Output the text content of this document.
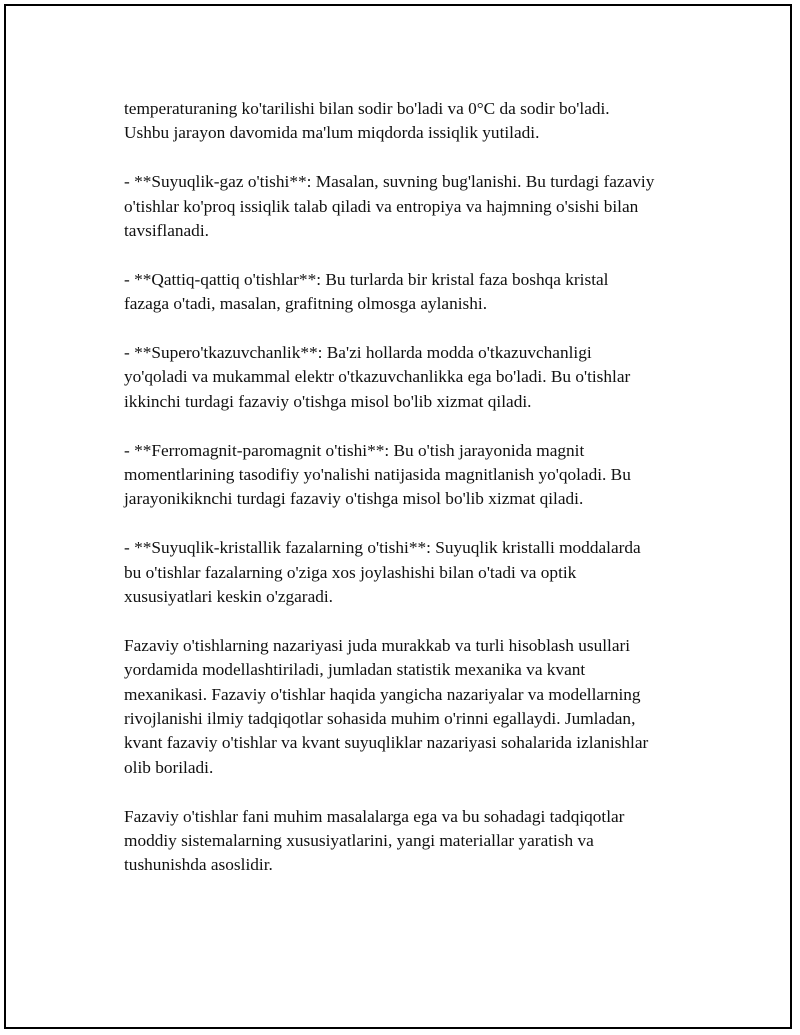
temperaturaning ko'tarilishi bilan sodir bo'ladi va 0°C da sodir bo'ladi.
Ushbu jarayon davomida ma'lum miqdorda issiqlik yutiladi.

- **Suyuqlik-gaz o'tishi**: Masalan, suvning bug'lanishi. Bu turdagi fazaviy
o'tishlar ko'proq issiqlik talab qiladi va entropiya va hajmning o'sishi bilan
tavsiflanadi.

- **Qattiq-qattiq o'tishlar**: Bu turlarda bir kristal faza boshqa kristal
fazaga o'tadi, masalan, grafitning olmosga aylanishi.

- **Supero'tkazuvchanlik**: Ba'zi hollarda modda o'tkazuvchanligi
yo'qoladi va mukammal elektr o'tkazuvchanlikka ega bo'ladi. Bu o'tishlar
ikkinchi turdagi fazaviy o'tishga misol bo'lib xizmat qiladi.

- **Ferromagnit-paromagnit o'tishi**: Bu o'tish jarayonida magnit
momentlarining tasodifiy yo'nalishi natijasida magnitlanish yo'qoladi. Bu
jarayonikiknchi turdagi fazaviy o'tishga misol bo'lib xizmat qiladi.

- **Suyuqlik-kristallik fazalarning o'tishi**: Suyuqlik kristalli moddalarda
bu o'tishlar fazalarning o'ziga xos joylashishi bilan o'tadi va optik
xususiyatlari keskin o'zgaradi.

Fazaviy o'tishlarning nazariyasi juda murakkab va turli hisoblash usullari
yordamida modellashtiriladi, jumladan statistik mexanika va kvant
mexanikasi. Fazaviy o'tishlar haqida yangicha nazariyalar va modellarning
rivojlanishi ilmiy tadqiqotlar sohasida muhim o'rinni egallaydi. Jumladan,
kvant fazaviy o'tishlar va kvant suyuqliklar nazariyasi sohalarida izlanishlar
olib boriladi.

Fazaviy o'tishlar fani muhim masalalarga ega va bu sohadagi tadqiqotlar
moddiy sistemalarning xususiyatlarini, yangi materiallar yaratish va
tushunishda asoslidir.
